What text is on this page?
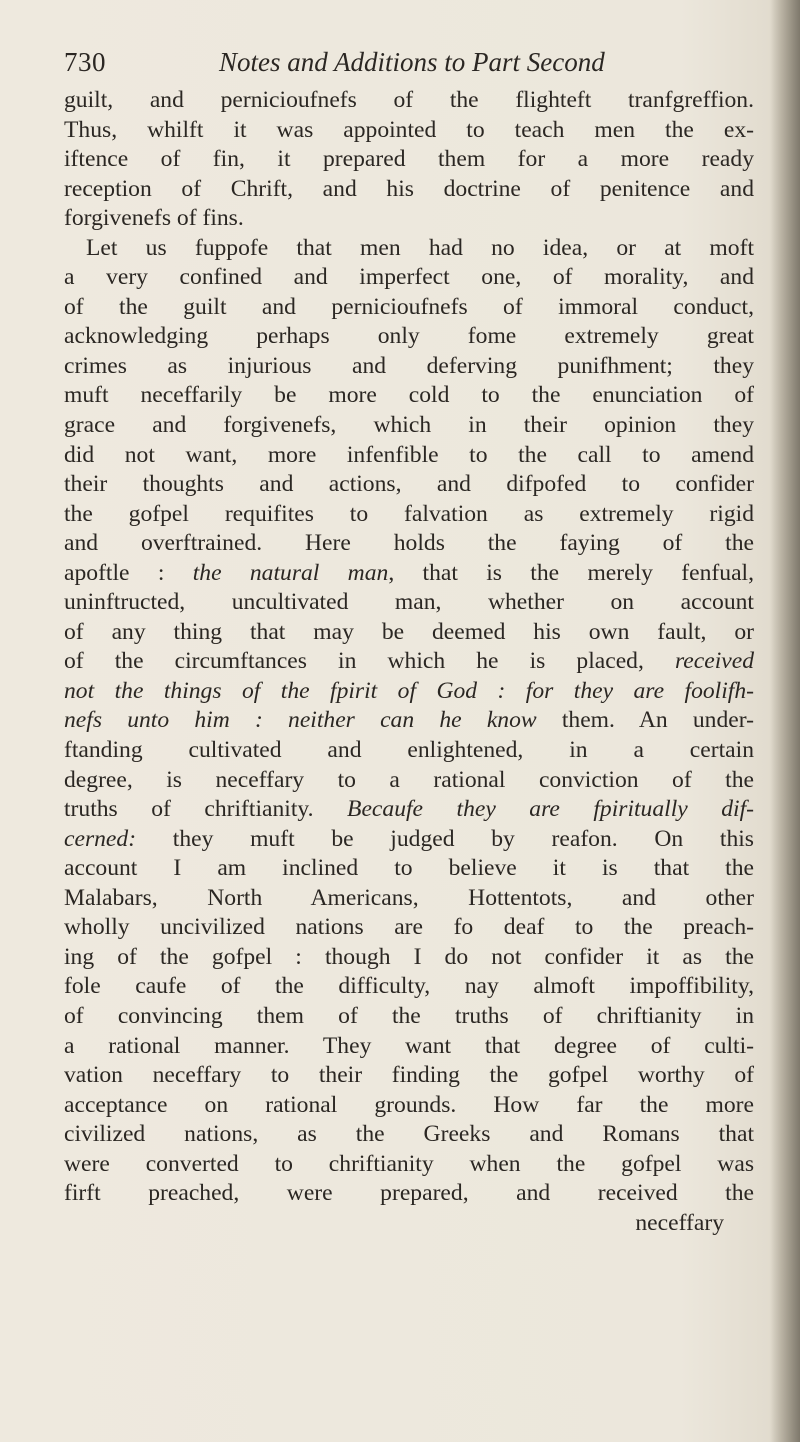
730	Notes and Additions to Part Second
guilt, and pernicioufnefs of the flighteft tranfgreffion.
Thus, whilft it was appointed to teach men the ex-
iftence of fin, it prepared them for a more ready
reception of Chrift, and his doctrine of penitence and
forgivenefs of fins.
Let us fuppofe that men had no idea, or at moft
a very confined and imperfect one, of morality, and
of the guilt and pernicioufnefs of immoral conduct,
acknowledging perhaps only fome extremely great
crimes as injurious and deferving punifhment; they
muft neceffarily be more cold to the enunciation of
grace and forgivenefs, which in their opinion they
did not want, more infenfible to the call to amend
their thoughts and actions, and difpofed to confider
the gofpel requifites to falvation as extremely rigid
and overftrained. Here holds the faying of the
apoftle : the natural man, that is the merely fenfual,
uninftructed, uncultivated man, whether on account
of any thing that may be deemed his own fault, or
of the circumftances in which he is placed, received
not the things of the fpirit of God : for they are foolifh-
nefs unto him : neither can he know them. An under-
ftanding cultivated and enlightened, in a certain
degree, is neceffary to a rational conviction of the
truths of chriftianity. Becaufe they are fpiritually dif-
cerned: they muft be judged by reafon. On this
account I am inclined to believe it is that the
Malabars, North Americans, Hottentots, and other
wholly uncivilized nations are fo deaf to the preach-
ing of the gofpel : though I do not confider it as the
fole caufe of the difficulty, nay almoft impoffibility,
of convincing them of the truths of chriftianity in
a rational manner. They want that degree of culti-
vation neceffary to their finding the gofpel worthy of
acceptance on rational grounds. How far the more
civilized nations, as the Greeks and Romans that
were converted to chriftianity when the gofpel was
firft preached, were prepared, and received the
neceffary
